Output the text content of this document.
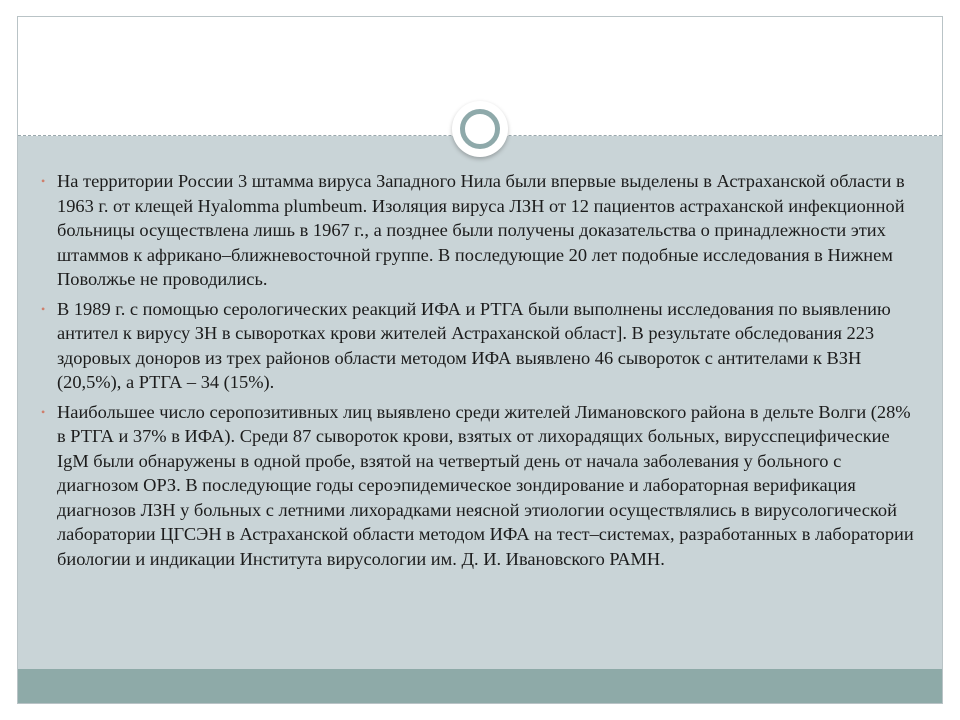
• На территории России 3 штамма вируса Западного Нила были впервые выделены в Астраханской области в 1963 г. от клещей Hyalomma plumbeum. Изоляция вируса ЛЗН от 12 пациентов астраханской инфекционной больницы осуществлена лишь в 1967 г., а позднее были получены доказательства о принадлежности этих штаммов к африкано–ближневосточной группе. В последующие 20 лет подобные исследования в Нижнем Поволжье не проводились.
• В 1989 г. с помощью серологических реакций ИФА и РТГА были выполнены исследования по выявлению антител к вирусу ЗН в сыворотках крови жителей Астраханской област]. В результате обследования 223 здоровых доноров из трех районов области методом ИФА выявлено 46 сывороток с антителами к ВЗН (20,5%), а РТГА – 34 (15%).
• Наибольшее число серопозитивных лиц выявлено среди жителей Лимановского района в дельте Волги (28% в РТГА и 37% в ИФА). Среди 87 сывороток крови, взятых от лихорадящих больных, вирусспецифические IgM были обнаружены в одной пробе, взятой на четвертый день от начала заболевания у больного с диагнозом ОРЗ. В последующие годы сероэпидемическое зондирование и лабораторная верификация диагнозов ЛЗН у больных с летними лихорадками неясной этиологии осуществлялись в вирусологической лаборатории ЦГСЭН в Астраханской области методом ИФА на тест–системах, разработанных в лаборатории биологии и индикации Института вирусологии им. Д. И. Ивановского РАМН.
